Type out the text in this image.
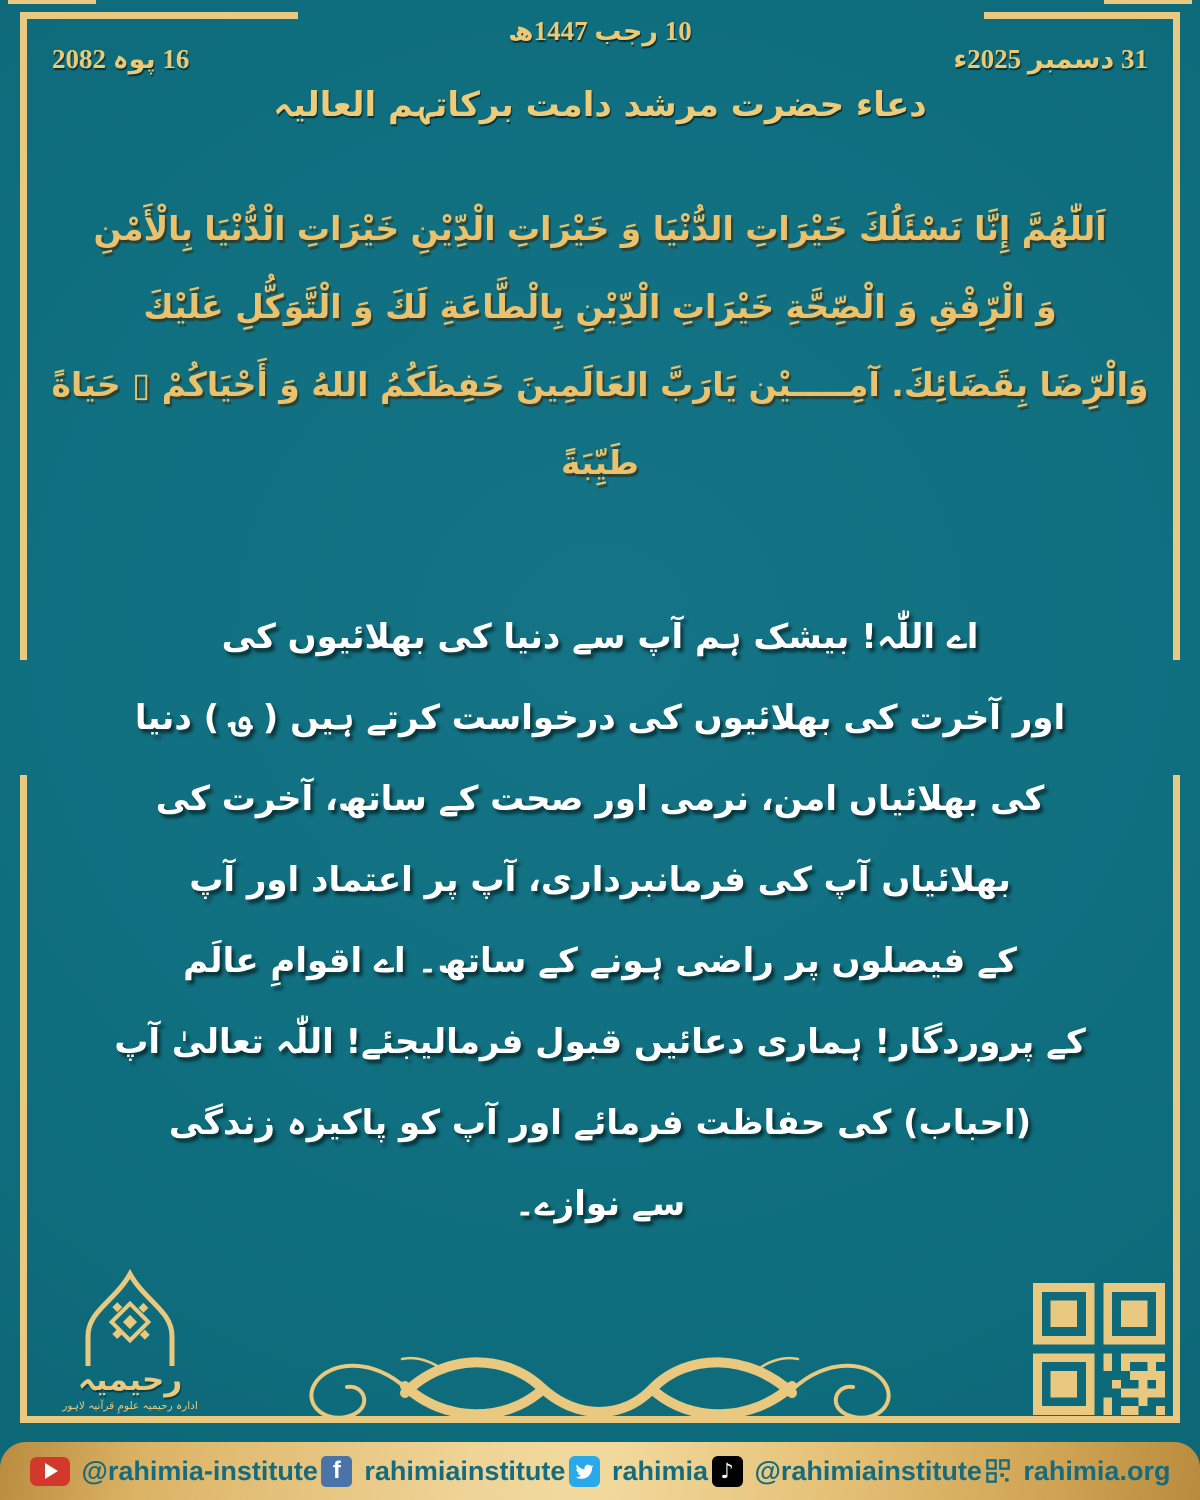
10 رجب 1447ھ
31 دسمبر 2025ء
16 پوہ 2082
دعاء حضرت مرشد دامت برکاتہم العالیہ
اَللّٰهُمَّ إِنَّا نَسْئَلُكَ خَيْرَاتِ الدُّنْيَا وَ خَيْرَاتِ الْدِّيْنِ خَيْرَاتِ الْدُّنْيَا بِالْأَمْنِ
وَ الْرِّفْقِ وَ الْصِّحَّةِ خَيْرَاتِ الْدِّيْنِ بِالْطَّاعَةِ لَكَ وَ الْتَّوَكُّلِ عَلَيْكَ
وَالْرِّضَا بِقَضَائِكَ. آمِـــــيْن يَارَبَّ العَالَمِينَ حَفِظَكُمُ اللهُ وَ أَحْيَاكُمْ ▯ حَيَاةً
طَيِّبَةً
اے اللّٰہ! بیشک ہم آپ سے دنیا کی بھلائیوں کی
اور آخرت کی بھلائیوں کی درخواست کرتے ہیں ( ؈ ) دنیا
کی بھلائیاں امن، نرمی اور صحت کے ساتھ، آخرت کی
بھلائیاں آپ کی فرمانبرداری، آپ پر اعتماد اور آپ
کے فیصلوں پر راضی ہونے کے ساتھ۔ اے اقوامِ عالَم
کے پروردگار! ہماری دعائیں قبول فرمالیجئے! اللّٰہ تعالیٰ آپ
(احباب) کی حفاظت فرمائے اور آپ کو پاکیزہ زندگی
سے نوازے۔
رحیمیہ
ادارہ رحیمیہ علومِ قرآنیہ لاہور
@rahimia-institute f rahimiainstitute rahimia ♪ @rahimiainstitute rahimia.org
